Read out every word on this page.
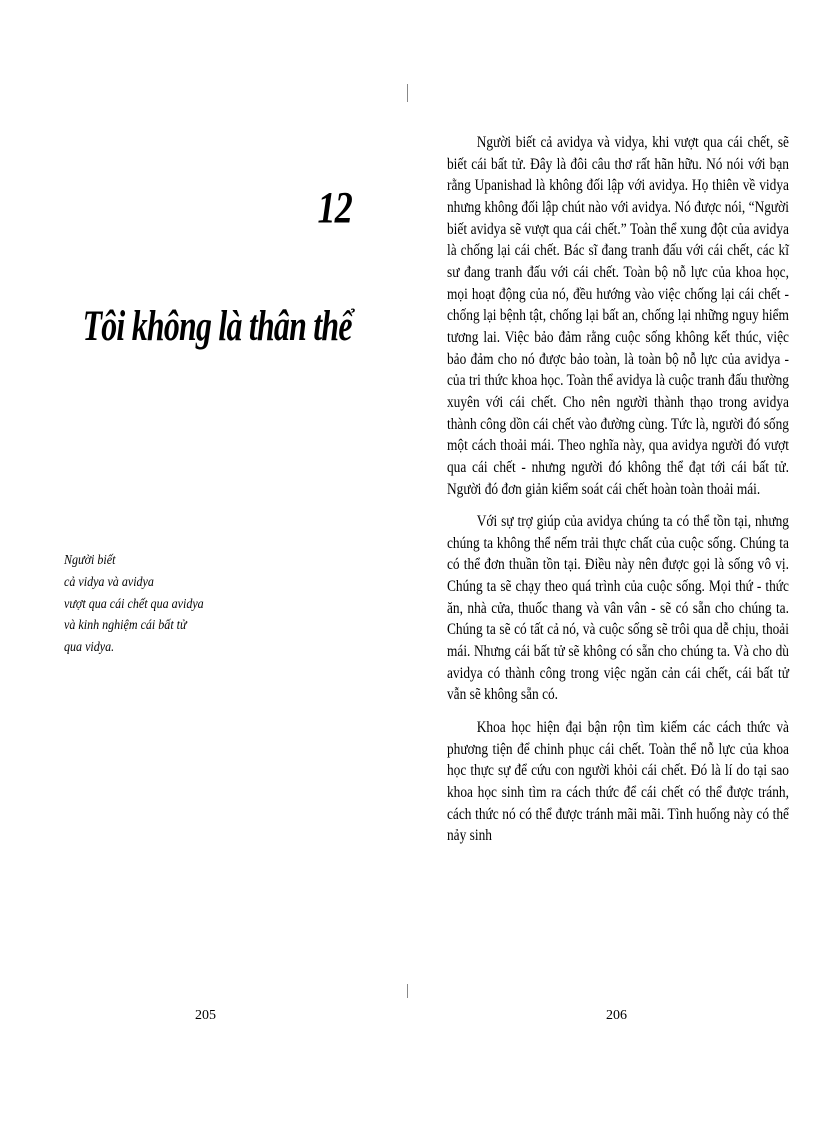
12
Tôi không là thân thể
Người biết
cả vidya và avidya
vượt qua cái chết qua avidya
và kinh nghiệm cái bất tử
qua vidya.
205

Người biết cả avidya và vidya, khi vượt qua cái chết, sẽ biết cái bất tử. Đây là đôi câu thơ rất hãn hữu. Nó nói với bạn rằng Upanishad là không đối lập với avidya. Họ thiên về vidya nhưng không đối lập chút nào với avidya. Nó được nói, “Người biết avidya sẽ vượt qua cái chết.” Toàn thể xung đột của avidya là chống lại cái chết. Bác sĩ đang tranh đấu với cái chết, các kĩ sư đang tranh đấu với cái chết. Toàn bộ nỗ lực của khoa học, mọi hoạt động của nó, đều hướng vào việc chống lại cái chết - chống lại bệnh tật, chống lại bất an, chống lại những nguy hiểm tương lai. Việc bảo đảm rằng cuộc sống không kết thúc, việc bảo đảm cho nó được bảo toàn, là toàn bộ nỗ lực của avidya - của tri thức khoa học. Toàn thể avidya là cuộc tranh đấu thường xuyên với cái chết. Cho nên người thành thạo trong avidya thành công dồn cái chết vào đường cùng. Tức là, người đó sống một cách thoải mái. Theo nghĩa này, qua avidya người đó vượt qua cái chết - nhưng người đó không thể đạt tới cái bất tử. Người đó đơn giản kiểm soát cái chết hoàn toàn thoải mái.

Với sự trợ giúp của avidya chúng ta có thể tồn tại, nhưng chúng ta không thể nếm trải thực chất của cuộc sống. Chúng ta có thể đơn thuần tồn tại. Điều này nên được gọi là sống vô vị. Chúng ta sẽ chạy theo quá trình của cuộc sống. Mọi thứ - thức ăn, nhà cửa, thuốc thang và vân vân - sẽ có sẵn cho chúng ta. Chúng ta sẽ có tất cả nó, và cuộc sống sẽ trôi qua dễ chịu, thoải mái. Nhưng cái bất tử sẽ không có sẵn cho chúng ta. Và cho dù avidya có thành công trong việc ngăn cản cái chết, cái bất tử vẫn sẽ không sẵn có.

Khoa học hiện đại bận rộn tìm kiếm các cách thức và phương tiện để chinh phục cái chết. Toàn thể nỗ lực của khoa học thực sự để cứu con người khỏi cái chết. Đó là lí do tại sao khoa học sinh tìm ra cách thức để cái chết có thể được tránh, cách thức nó có thể được tránh mãi mãi. Tình huống này có thể nảy sinh

206
